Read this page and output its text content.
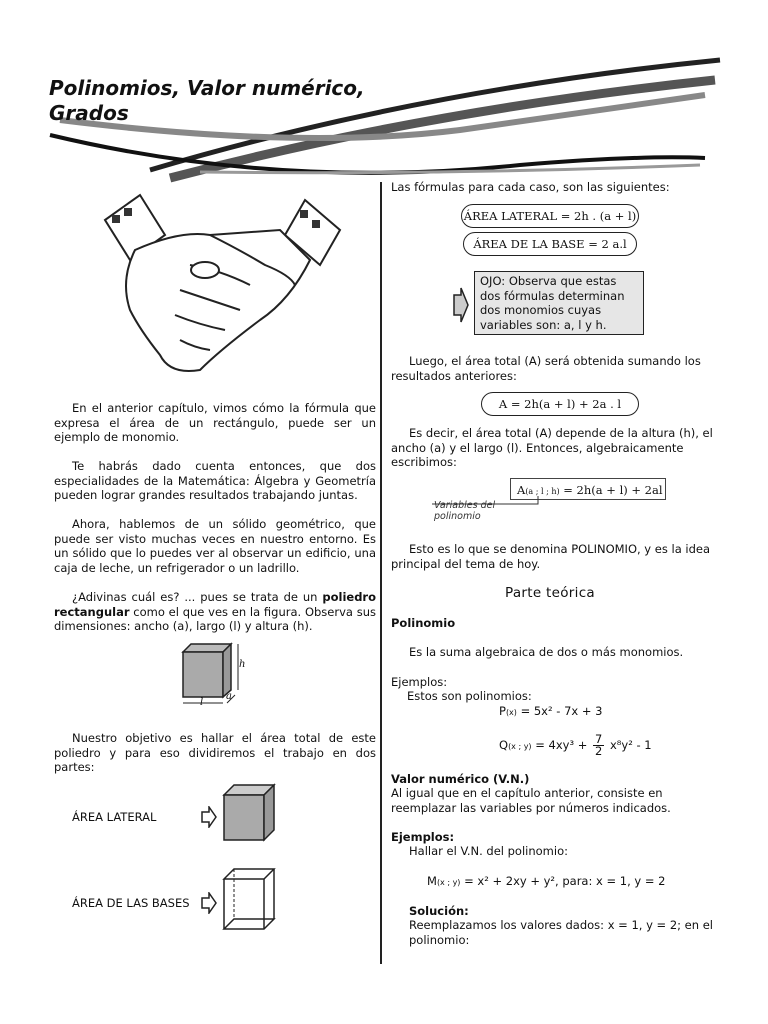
Polinomios, Valor numérico,
Grados
En el anterior capítulo, vimos cómo la fórmula que expresa el área de un rectángulo, puede ser un ejemplo de monomio.
Te habrás dado cuenta entonces, que dos especialidades de la Matemática: Álgebra y Geometría pueden lograr grandes resultados trabajando juntas.
Ahora, hablemos de un sólido geométrico, que puede ser visto muchas veces en nuestro entorno. Es un sólido que lo puedes ver al observar un edificio, una caja de leche, un refrigerador o un ladrillo.
¿Adivinas cuál es? ... pues se trata de un poliedro rectangular como el que ves en la figura. Observa sus dimensiones: ancho (a), largo (l) y altura (h).
h
a
l
Nuestro objetivo es hallar el área total de este poliedro y para eso dividiremos el trabajo en dos partes:
ÁREA LATERAL
ÁREA DE LAS BASES
Las fórmulas para cada caso, son las siguientes:
ÁREA LATERAL = 2h . (a + l)
ÁREA DE LA BASE = 2 a.l
OJO: Observa que estas dos fórmulas determinan dos monomios cuyas variables son: a, l y h.
Luego, el área total (A) será obtenida sumando los resultados anteriores:
A = 2h(a + l) + 2a . l
Es decir, el área total (A) depende de la altura (h), el ancho (a) y el largo (l). Entonces, algebraicamente escribimos:
A(a ; l ; h) = 2h(a + l) + 2al
Variables del
polinomio
Esto es lo que se denomina POLINOMIO, y es la idea principal del tema de hoy.
Parte teórica
Polinomio
Es la suma algebraica de dos o más monomios.
Ejemplos:
Estos son polinomios:
P(x) = 5x² - 7x + 3
Q(x ; $y) = 4xy^3 + \frac{7}{2} x^8y^2 - 1$
Valor numérico (V.N.)
Al igual que en el capítulo anterior, consiste en reemplazar las variables por números indicados.
Ejemplos:
Hallar el V.N. del polinomio:
M(x ; y) = x² + 2xy + y², para: x = 1, y = 2
Solución:
Reemplazamos los valores dados: x = 1, y = 2; en el polinomio:
